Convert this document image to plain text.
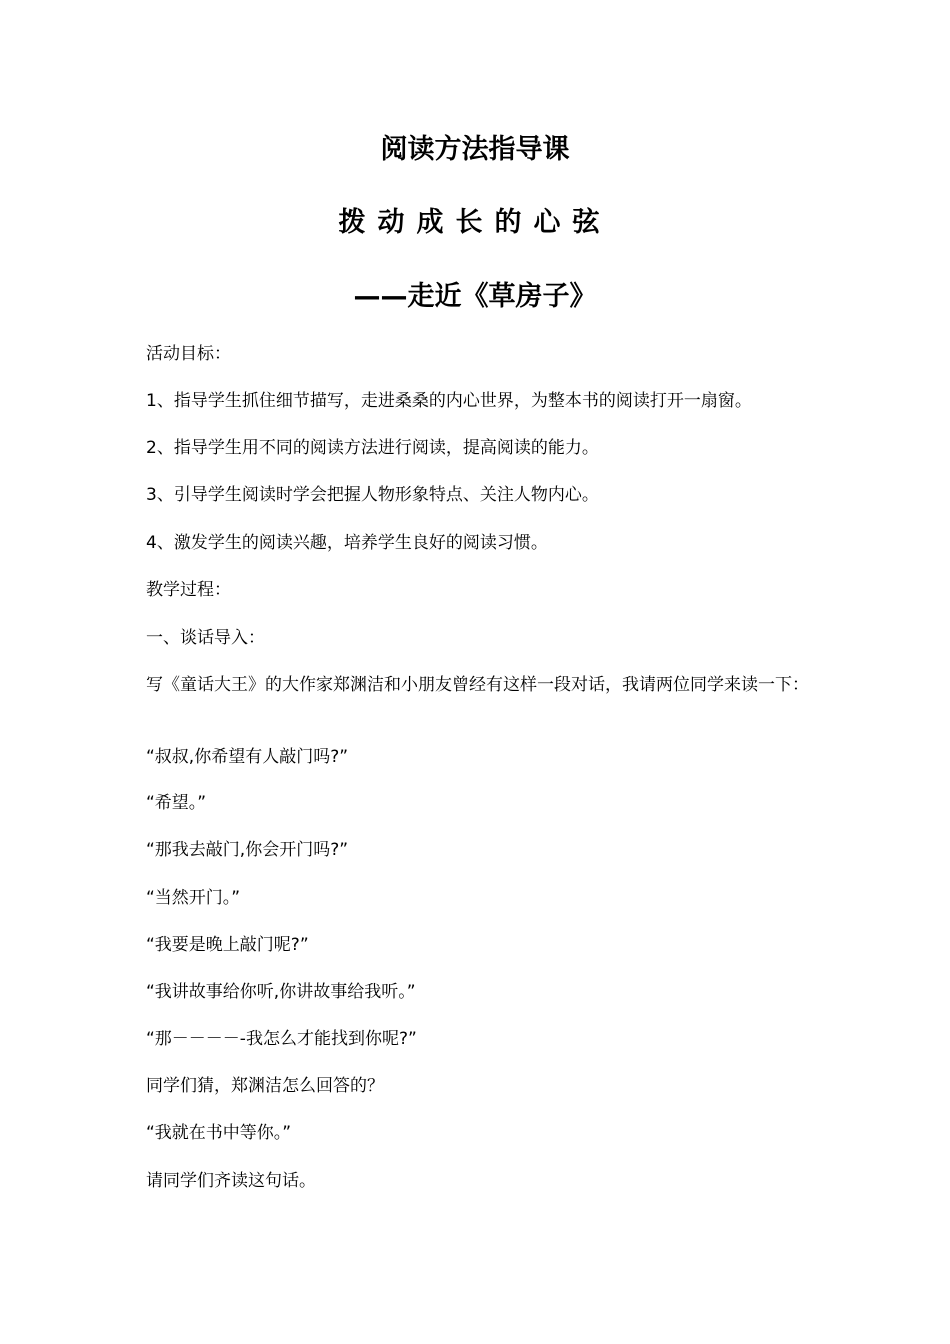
阅读方法指导课
拨动成长的心弦
——走近《草房子》
活动目标：
1、指导学生抓住细节描写，走进桑桑的内心世界，为整本书的阅读打开一扇窗。
2、指导学生用不同的阅读方法进行阅读，提高阅读的能力。
3、引导学生阅读时学会把握人物形象特点、关注人物内心。
4、激发学生的阅读兴趣，培养学生良好的阅读习惯。
教学过程：
一、谈话导入：
写《童话大王》的大作家郑渊洁和小朋友曾经有这样一段对话，我请两位同学来读一下：
“叔叔,你希望有人敲门吗?”
“希望。”
“那我去敲门,你会开门吗?”
“当然开门。”
“我要是晚上敲门呢?”
“我讲故事给你听,你讲故事给我听。”
“那－－－－-我怎么才能找到你呢?”
同学们猜，郑渊洁怎么回答的？
“我就在书中等你。”
请同学们齐读这句话。
